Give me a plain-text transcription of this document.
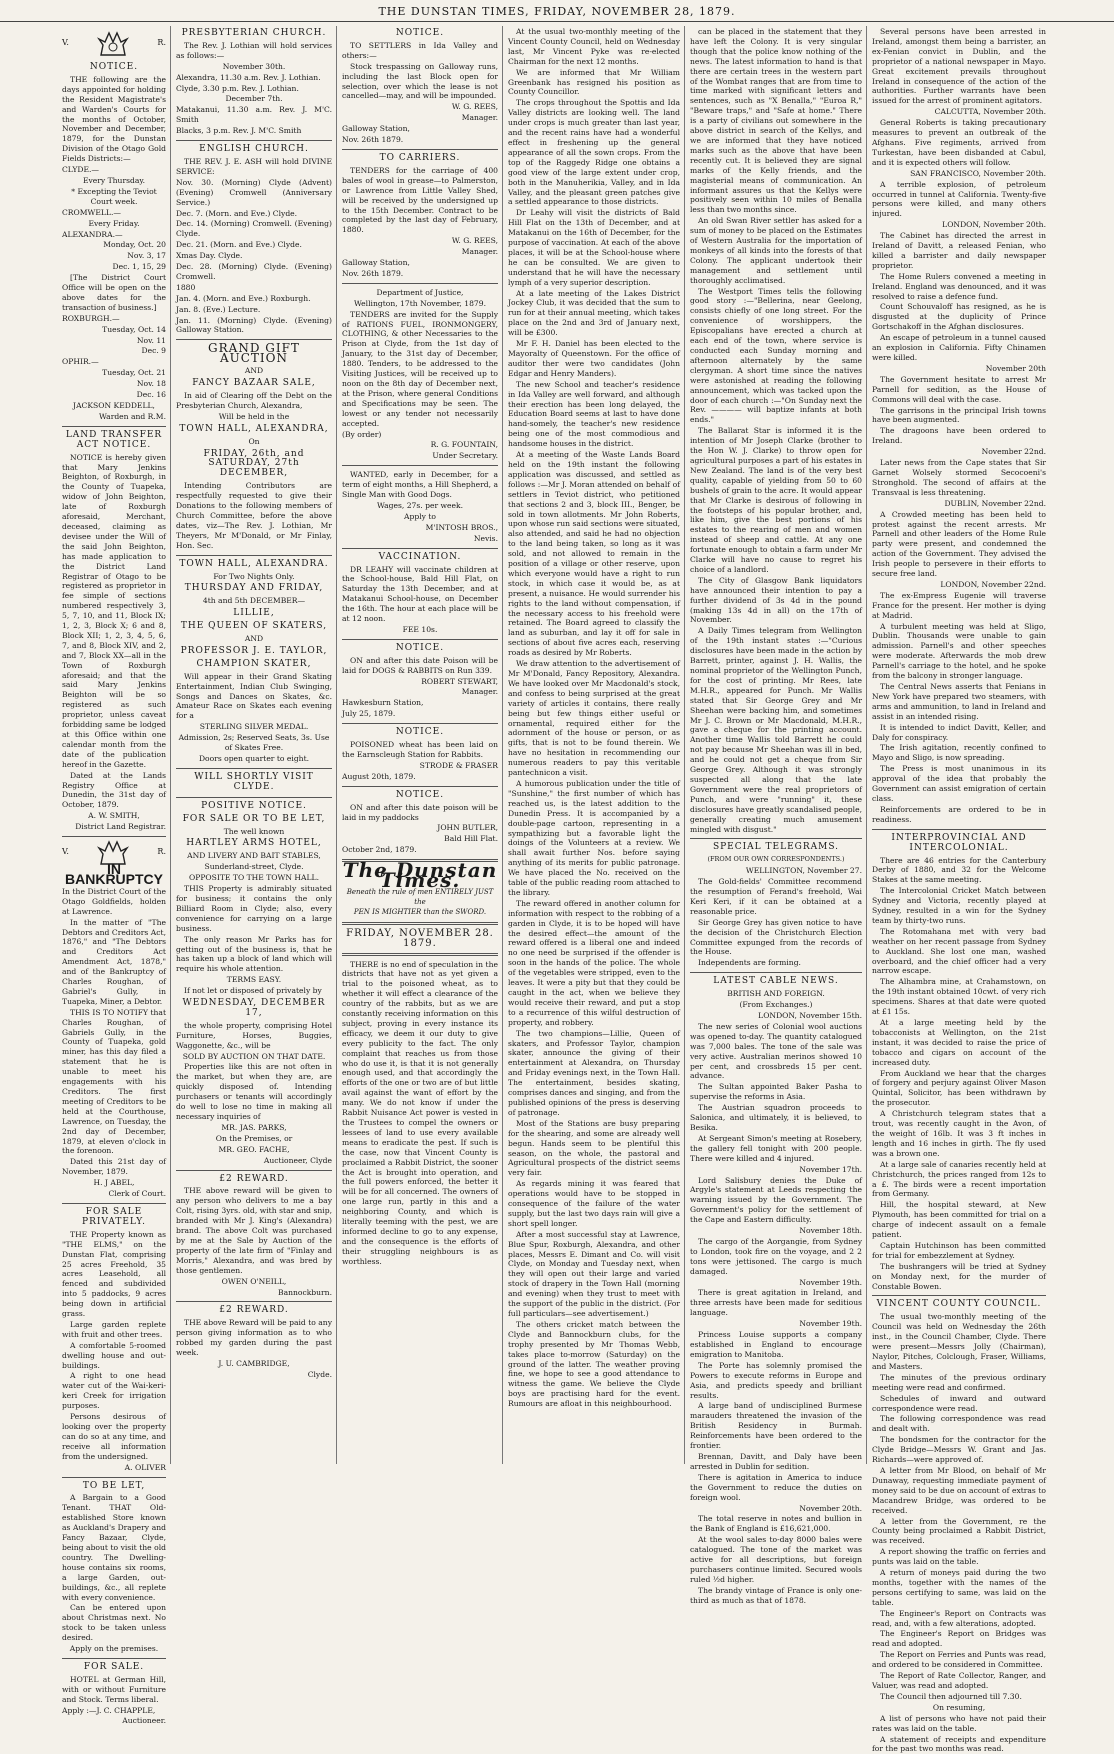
THE DUNSTAN TIMES, FRIDAY, NOVEMBER 28, 1879.
V.	R.
NOTICE.

THE following are the days appointed for holding the Resident Magistrate's and Warden's Courts for the months of October, November and December, 1879, for the Dunstan Division of the Otago Gold Fields Districts:—

CLYDE.—

Every Thursday.

* Excepting the Teviot Court week.

CROMWELL.—

Every Friday.

ALEXANDRA.—

Monday, Oct. 20

Nov. 3, 17

Dec. 1, 15, 29

[The District Court Office will be open on the above dates for the transaction of business.]

ROXBURGH.—

Tuesday, Oct. 14

Nov. 11

Dec. 9

OPHIR.—

Tuesday, Oct. 21

Nov. 18

Dec. 16

JACKSON KEDDELL,

Warden and R.M.

LAND TRANSFER ACT NOTICE.

NOTICE is hereby given that Mary Jenkins Beighton, of Roxburgh, in the County of Tuapeka, widow of John Beighton, late of Roxburgh aforesaid, Merchant, deceased, claiming as devisee under the Will of the said John Beighton, has made application to the District Land Registrar of Otago to be registered as proprietor in fee simple of sections numbered respectively 3, 5, 7, 10, and 11, Block IX; 1, 2, 3, Block X; 6 and 8, Block XII; 1, 2, 3, 4, 5, 6, 7, and 8, Block XIV, and 2, and 7, Block XX—all in the Town of Roxburgh aforesaid; and that the said Mary Jenkins Beighton will be so registered as such proprietor, unless caveat forbidding same be lodged at this Office within one calendar month from the date of the publication hereof in the Gazette.

Dated at the Lands Registry Office at Dunedin, the 31st day of October, 1879.

A. W. SMITH,

District Land Registrar.

V.	R.
IN BANKRUPTCY

In the District Court of the Otago Goldfields, holden at Lawrence.

In the matter of "The Debtors and Creditors Act, 1876," and "The Debtors and Creditors Act Amendment Act, 1878," and of the Bankruptcy of Charles Roughan, of Gabriel's Gully, in Tuapeka, Miner, a Debtor.

THIS IS TO NOTIFY that Charles Roughan, of Gabriels Gully, in the County of Tuapeka, gold miner, has this day filed a statement that he is unable to meet his engagements with his Creditors. The first meeting of Creditors to be held at the Courthouse, Lawrence, on Tuesday, the 2nd day of December, 1879, at eleven o'clock in the forenoon.

Dated this 21st day of November, 1879.

H. J ABEL,

Clerk of Court.

FOR SALE PRIVATELY.

THE Property known as "THE ELMS," on the Dunstan Flat, comprising 25 acres Freehold, 35 acres Leasehold, all fenced and subdivided into 5 paddocks, 9 acres being down in artificial grass.

Large garden replete with fruit and other trees.

A comfortable 5-roomed dwelling house and out-buildings.

A right to one head water cut of the Wai-keri-keri Creek for irrigation purposes.

Persons desirous of looking over the property can do so at any time, and receive all information from the undersigned.

A. OLIVER

TO BE LET,

A Bargain to a Good Tenant. THAT Old-established Store known as Auckland's Drapery and Fancy Bazaar, Clyde, being about to visit the old country. The Dwelling-house contains six rooms, a large Garden, out-buildings, &c., all replete with every convenience.

Can be entered upon about Christmas next. No stock to be taken unless desired.

Apply on the premises.

FOR SALE.

HOTEL at German Hill, with or without Furniture and Stock. Terms liberal.

Apply :—J. C. CHAPPLE,

Auctioneer.

PRESBYTERIAN CHURCH.

The Rev. J. Lothian will hold services as follows:—

November 30th.

Alexandra, 11.30 a.m. Rev. J. Lothian.

Clyde, 3.30 p.m. Rev. J. Lothian.

December 7th.

Matakanui, 11.30 a.m. Rev. J. M'C. Smith

Blacks, 3 p.m. Rev. J. M'C. Smith

ENGLISH CHURCH.

THE REV. J. E. ASH will hold DIVINE SERVICE:

Nov. 30. (Morning) Clyde (Advent) (Evening) Cromwell (Anniversary Service.)

Dec. 7. (Morn. and Eve.) Clyde.

Dec. 14. (Morning) Cromwell. (Evening) Clyde.

Dec. 21. (Morn. and Eve.) Clyde.

Xmas Day. Clyde.

Dec. 28. (Morning) Clyde. (Evening) Cromwell.

1880

Jan. 4. (Morn. and Eve.) Roxburgh.

Jan. 8. (Eve.) Lecture.

Jan. 11. (Morning) Clyde. (Evening) Galloway Station.

GRAND GIFT AUCTION

AND

FANCY BAZAAR SALE,

In aid of Clearing off the Debt on the Presbyterian Church, Alexandra,

Will be held in the

TOWN HALL, ALEXANDRA,

On

FRIDAY, 26th, and SATURDAY, 27th DECEMBER,

Intending Contributors are respectfully requested to give their Donations to the following members of Church Committee, before the above dates, viz—The Rev. J. Lothian, Mr Theyers, Mr M'Donald, or Mr Finlay, Hon. Sec.

TOWN HALL, ALEXANDRA.

For Two Nights Only.

THURSDAY AND FRIDAY,

4th and 5th DECEMBER—

LILLIE,
THE QUEEN OF SKATERS,

AND

PROFESSOR J. E. TAYLOR,
CHAMPION SKATER,

Will appear in their Grand Skating Entertainment, Indian Club Swinging, Songs and Dances on Skates, &c. Amateur Race on Skates each evening for a

STERLING SILVER MEDAL.

Admission, 2s; Reserved Seats, 3s. Use of Skates Free.

Doors open quarter to eight.

WILL SHORTLY VISIT CLYDE.
POSITIVE NOTICE.
FOR SALE OR TO BE LET,

The well known

HARTLEY ARMS HOTEL,

AND LIVERY AND BAIT STABLES,

Sunderland-street, Clyde.

OPPOSITE TO THE TOWN HALL.

THIS Property is admirably situated for business; it contains the only Billiard Room in Clyde; also, every convenience for carrying on a large business.

The only reason Mr Parks has for getting out of the business is, that he has taken up a block of land which will require his whole attention.

TERMS EASY.

If not let or disposed of privately by

WEDNESDAY, DECEMBER 17,

the whole property, comprising Hotel Furniture, Horses, Buggies, Waggonette, &c., will be

SOLD BY AUCTION ON THAT DATE.

Properties like this are not often in the market, but when they are, are quickly disposed of. Intending purchasers or tenants will accordingly do well to lose no time in making all necessary inquiries of

MR. JAS. PARKS,

On the Premises, or

MR. GEO. FACHE,

Auctioneer, Clyde

£2 REWARD.

THE above reward will be given to any person who delivers to me a bay Colt, rising 3yrs. old, with star and snip, branded with Mr J. King's (Alexandra) brand. The above Colt was purchased by me at the Sale by Auction of the property of the late firm of "Finlay and Morris," Alexandra, and was bred by those gentlemen.

OWEN O'NEILL,

Bannockburn.

£2 REWARD.

THE above Reward will be paid to any person giving information as to who robbed my garden during the past week.

J. U. CAMBRIDGE,

Clyde.

NOTICE.

TO SETTLERS in Ida Valley and others:—

Stock trespassing on Galloway runs, including the last Block open for selection, over which the lease is not cancelled—may, and will be impounded.

W. G. REES,

Manager.

Galloway Station,

Nov. 26th 1879.

TO CARRIERS.

TENDERS for the carriage of 400 bales of wool in grease—to Palmerston, or Lawrence from Little Valley Shed, will be received by the undersigned up to the 15th December. Contract to be completed by the last day of February, 1880.

W. G. REES,

Manager.

Galloway Station,

Nov. 26th 1879.

Department of Justice,

Wellington, 17th November, 1879.

TENDERS are invited for the Supply of RATIONS FUEL, IRONMONGERY, CLOTHING, & other Necessaries to the Prison at Clyde, from the 1st day of January, to the 31st day of December, 1880. Tenders, to be addressed to the Visiting Justices, will be received up to noon on the 8th day of December next, at the Prison, where general Conditions and Specifications may be seen. The lowest or any tender not necessarily accepted.

(By order)

R. G. FOUNTAIN,

Under Secretary.

WANTED, early in December, for a term of eight months, a Hill Shepherd, a Single Man with Good Dogs.

Wages, 27s. per week.

Apply to

M'INTOSH BROS.,

Nevis.

VACCINATION.

DR LEAHY will vaccinate children at the School-house, Bald Hill Flat, on Saturday the 13th December, and at Matakanui School-house, on December the 16th. The hour at each place will be at 12 noon.

FEE 10s.

NOTICE.

ON and after this date Poison will be laid for DOGS & RABBITS on Run 339.

ROBERT STEWART,

Manager.

Hawkesburn Station,

July 25, 1879.

NOTICE.

POISONED wheat has been laid on the Earnscleugh Station for Rabbits.

STRODE & FRASER

August 20th, 1879.

NOTICE.

ON and after this date poison will be laid in my paddocks

JOHN BUTLER,

Bald Hill Flat.

October 2nd, 1879.

The Dunstan Times.
Beneath the rule of men ENTIRELY JUST the
PEN IS MIGHTIER than the SWORD.
FRIDAY, NOVEMBER 28. 1879.

THERE is no end of speculation in the districts that have not as yet given a trial to the poisoned wheat, as to whether it will effect a clearance of the country of the rabbits, but as we are constantly receiving information on this subject, proving in every instance its efficacy, we deem it our duty to give every publicity to the fact. The only complaint that reaches us from those who do use it, is that it is not generally enough used, and that accordingly the efforts of the one or two are of but little avail against the want of effort by the many. We do not know if under the Rabbit Nuisance Act power is vested in the Trustees to compel the owners or lessees of land to use every available means to eradicate the pest. If such is the case, now that Vincent County is proclaimed a Rabbit District, the sooner the Act is brought into operation, and the full powers enforced, the better it will be for all concerned. The owners of one large run, partly in this and a neighboring County, and which is literally teeming with the pest, we are informed decline to go to any expense, and the consequence is the efforts of their struggling neighbours is as worthless.

At the usual two-monthly meeting of the Vincent County Council, held on Wednesday last, Mr Vincent Pyke was re-elected Chairman for the next 12 months.

We are informed that Mr William Greenbank has resigned his position as County Councillor.

The crops throughout the Spottis and Ida Valley districts are looking well. The land under crops is much greater than last year, and the recent rains have had a wonderful effect in freshening up the general appearance of all the sown crops. From the top of the Raggedy Ridge one obtains a good view of the large extent under crop, both in the Manuherikia, Valley, and in Ida Valley, and the pleasant green patches give a settled appearance to those districts.

Dr Leahy will visit the districts of Bald Hill Flat on the 13th of December, and at Matakanui on the 16th of December, for the purpose of vaccination. At each of the above places, it will be at the School-house where he can be consulted. We are given to understand that he will have the necessary lymph of a very superior description.

At a late meeting of the Lakes District Jockey Club, it was decided that the sum to run for at their annual meeting, which takes place on the 2nd and 3rd of January next, will be £300.

Mr F. H. Daniel has been elected to the Mayoralty of Queenstown. For the office of auditor ther were two candidates (John Edgar and Henry Manders).

The new School and teacher's residence in Ida Valley are well forward, and although their erection has been long delayed, the Education Board seems at last to have done hand-somely, the teacher's new residence being one of the most commodious and handsome houses in the district.

At a meeting of the Waste Lands Board held on the 19th instant the following application was discussed, and settled as follows :—Mr J. Moran attended on behalf of settlers in Teviot district, who petitioned that sections 2 and 3, block III., Benger, be sold in town allotments. Mr John Roberts, upon whose run said sections were situated, also attended, and said he had no objection to the land being taken, so long as it was sold, and not allowed to remain in the position of a village or other reserve, upon which everyone would have a right to run stock, in which case it would be, as at present, a nuisance. He would surrender his rights to the land without compensation, if the necessary access to his freehold were retained. The Board agreed to classify the land as suburban, and lay it off for sale in sections of about five acres each, reserving roads as desired by Mr Roberts.

We draw attention to the advertisement of Mr M'Donald, Fancy Repository, Alexandra. We have looked over Mr Macdonald's stock, and confess to being surprised at the great variety of articles it contains, there really being but few things either useful or ornamental, required either for the adornment of the house or person, or as gifts, that is not to be found therein. We have no hesitation in recommending our numerous readers to pay this veritable pantechnicon a visit.

A humorous publication under the title of "Sunshine," the first number of which has reached us, is the latest addition to the Dunedin Press. It is accompanied by a double-page cartoon, representing in a sympathizing but a favorable light the doings of the Volunteers at a review. We shall await further Nos. before saying anything of its merits for public patronage. We have placed the No. received on the table of the public reading room attached to the library.

The reward offered in another column for information with respect to the robbing of a garden in Clyde, it is to be hoped will have the desired effect—the amount of the reward offered is a liberal one and indeed no one need be surprised if the offender is soon in the hands of the police. The whole of the vegetables were stripped, even to the leaves. It were a pity but that they could be caught in the act, when we believe they would receive their reward, and put a stop to a recurrence of this wilful destruction of property, and robbery.

The two champions—Lillie, Queen of skaters, and Professor Taylor, champion skater, announce the giving of their entertainment at Alexandra, on Thursday and Friday evenings next, in the Town Hall. The entertainment, besides skating, comprises dances and singing, and from the published opinions of the press is deserving of patronage.

Most of the Stations are busy preparing for the shearing, and some are already well begun. Hands seem to be plentiful this season, on the whole, the pastoral and Agricultural prospects of the district seems very fair.

As regards mining it was feared that operations would have to be stopped in consequence of the failure of the water supply, but the last two days rain will give a short spell longer.

After a most successful stay at Lawrence, Blue Spur, Roxburgh, Alexandra, and other places, Messrs E. Dimant and Co. will visit Clyde, on Monday and Tuesday next, when they will open out their large and varied stock of drapery in the Town Hall (morning and evening) when they trust to meet with the support of the public in the district. (For full particulars—see advertisement.)

The others cricket match between the Clyde and Bannockburn clubs, for the trophy presented by Mr Thomas Webb, takes place to-morrow (Saturday) on the ground of the latter. The weather proving fine, we hope to see a good attendance to witness the game. We believe the Clyde boys are practising hard for the event. Rumours are afloat in this neighbourhood.

can be placed in the statement that they have left the Colony. It is very singular though that the police know nothing of the news. The latest information to hand is that there are certain trees in the western part of the Wombat ranges that are from time to time marked with significant letters and sentences, such as "X Benalla," "Euroa R," "Beware traps," and "Safe at home." There is a party of civilians out somewhere in the above district in search of the Kellys, and we are informed that they have noticed marks such as the above that have been recently cut. It is believed they are signal marks of the Kelly friends, and the magisterial means of communication. An informant assures us that the Kellys were positively seen within 10 miles of Benalla less than two months since.

An old Swan River settler has asked for a sum of money to be placed on the Estimates of Western Australia for the importation of monkeys of all kinds into the forests of that Colony. The applicant undertook their management and settlement until thoroughly acclimatised.

The Westport Times tells the following good story :—"Bellerina, near Geelong, consists chiefly of one long street. For the convenience of worshippers, the Episcopalians have erected a church at each end of the town, where service is conducted each Sunday morning and afternoon alternately by the same clergyman. A short time since the natives were astonished at reading the following announcement, which was tacked upon the door of each church :—"On Sunday next the Rev. ———— will baptize infants at both ends."

The Ballarat Star is informed it is the intention of Mr Joseph Clarke (brother to the Hon W. J. Clarke) to throw open for agricultural purposes a part of his estates in New Zealand. The land is of the very best quality, capable of yielding from 50 to 60 bushels of grain to the acre. It would appear that Mr Clarke is desirous of following in the footsteps of his popular brother, and, like him, give the best portions of his estates to the rearing of men and women instead of sheep and cattle. At any one fortunate enough to obtain a farm under Mr Clarke will have no cause to regret his choice of a landlord.

The City of Glasgow Bank liquidators have announced their intention to pay a further dividend of 3s 4d in the pound (making 13s 4d in all) on the 17th of November.

A Daily Times telegram from Wellington of the 19th instant states :—"Curious disclosures have been made in the action by Barrett, printer, against J. H. Wallis, the nominal proprietor of the Wellington Punch, for the cost of printing. Mr Rees, late M.H.R., appeared for Punch. Mr Wallis stated that Sir George Grey and Mr Sheehan were backing him, and sometimes Mr J. C. Brown or Mr Macdonald, M.H.R., gave a cheque for the printing account. Another time Wallis told Barrett he could not pay because Mr Sheehan was ill in bed, and he could not get a cheque from Sir George Grey. Although it was strongly suspected all along that the late Government were the real proprietors of Punch, and were "running" it, these disclosures have greatly scandalised people, generally creating much amusement mingled with disgust."

SPECIAL TELEGRAMS.

(FROM OUR OWN CORRESPONDENTS.)

WELLINGTON, November 27.

The Gold-fields' Committee recommend the resumption of Ferand's freehold, Wai Keri Keri, if it can be obtained at a reasonable price.

Sir George Grey has given notice to have the decision of the Christchurch Election Committee expunged from the records of the House.

Independents are forming.

LATEST CABLE NEWS.

BRITISH AND FOREIGN.

(From Exchanges.)

LONDON, November 15th.

The new series of Colonial wool auctions was opened to-day. The quantity catalogued was 7,000 bales. The tone of the sale was very active. Australian merinos showed 10 per cent, and crossbreds 15 per cent. advance.

The Sultan appointed Baker Pasha to supervise the reforms in Asia.

The Austrian squadron proceeds to Salonica, and ultimately, it is believed, to Besika.

At Sergeant Simon's meeting at Rosebery, the gallery fell tonight with 200 people. There were killed and 4 injured.

November 17th.

Lord Salisbury denies the Duke of Argyle's statement at Leeds respecting the warning issued by the Government. The Government's policy for the settlement of the Cape and Eastern difficulty.

November 18th.

The cargo of the Aorgangie, from Sydney to London, took fire on the voyage, and 2 2 tons were jettisoned. The cargo is much damaged.

November 19th.

There is great agitation in Ireland, and three arrests have been made for seditious language.

November 19th.

Princess Louise supports a company established in England to encourage emigration to Manitoba.

The Porte has solemnly promised the Powers to execute reforms in Europe and Asia, and predicts speedy and brilliant results.

A large band of undisciplined Burmese marauders threatened the invasion of the British Residency in Burmah. Reinforcements have been ordered to the frontier.

Brennan, Davitt, and Daly have been arrested in Dublin for sedition.

There is agitation in America to induce the Government to reduce the duties on foreign wool.

November 20th.

The total reserve in notes and bullion in the Bank of England is £16,621,000.

At the wool sales to-day 8000 bales were catalogued. The tone of the market was active for all descriptions, but foreign purchasers continue limited. Secured wools ruled ½d higher.

The brandy vintage of France is only one-third as much as that of 1878.

Several persons have been arrested in Ireland, amongst them being a barrister, an ex-Fenian convict in Dublin, and the proprietor of a national newspaper in Mayo. Great excitement prevails throughout Ireland in consequence of the action of the authorities. Further warrants have been issued for the arrest of prominent agitators.

CALCUTTA, November 20th.

General Roberts is taking precautionary measures to prevent an outbreak of the Afghans. Five regiments, arrived from Turkestan, have been disbanded at Cabul, and it is expected others will follow.

SAN FRANCISCO, November 20th.

A terrible explosion, of petroleum occurred in tunnel at California. Twenty-five persons were killed, and many others injured.

LONDON, November 20th.

The Cabinet has directed the arrest in Ireland of Davitt, a released Fenian, who killed a barrister and daily newspaper proprietor.

The Home Rulers convened a meeting in Ireland. England was denounced, and it was resolved to raise a defence fund.

Count Schouvaloff has resigned, as he is disgusted at the duplicity of Prince Gortschakoff in the Afghan disclosures.

An escape of petroleum in a tunnel caused an explosion in California. Fifty Chinamen were killed.

November 20th

The Government hesitate to arrest Mr Parnell for sedition, as the House of Commons will deal with the case.

The garrisons in the principal Irish towns have been augmented.

The dragoons have been ordered to Ireland.

November 22nd.

Later news from the Cape states that Sir Garnet Wolsely stormed Secocoeni's Stronghold. The second of affairs at the Transvaal is less threatening.

DUBLIN, November 22nd.

A Crowded meeting has been held to protest against the recent arrests. Mr Parnell and other leaders of the Home Rule party were present, and condemned the action of the Government. They advised the Irish people to persevere in their efforts to secure free land.

LONDON, November 22nd.

The ex-Empress Eugenie will traverse France for the present. Her mother is dying at Madrid.

A turbulent meeting was held at Sligo, Dublin. Thousands were unable to gain admission. Parnell's and other speeches were moderate. Afterwards the mob drew Parnell's carriage to the hotel, and he spoke from the balcony in stronger language.

The Central News asserts that Fenians in New York have prepared two steamers, with arms and ammunition, to land in Ireland and assist in an intended rising.

It is intended to indict Davitt, Keller, and Daly for conspiracy.

The Irish agitation, recently confined to Mayo and Sligo, is now spreading.

The Press is most unanimous in its approval of the idea that probably the Government can assist emigration of certain class.

Reinforcements are ordered to be in readiness.

INTERPROVINCIAL AND INTERCOLONIAL.

There are 46 entries for the Canterbury Derby of 1880, and 32 for the Welcome Stakes at the same meeting.

The Intercolonial Cricket Match between Sydney and Victoria, recently played at Sydney, resulted in a win for the Sydney team by thirty-two runs.

The Rotomahana met with very bad weather on her recent passage from Sydney to Auckland. She lost one man, washed overboard, and the chief officer had a very narrow escape.

The Alhambra mine, at Crahamstown, on the 19th instant obtained 10cwt. of very rich specimens. Shares at that date were quoted at £1 15s.

At a large meeting held by the tobacconists at Wellington, on the 21st instant, it was decided to raise the price of tobacco and cigars on account of the increased duty.

From Auckland we hear that the charges of forgery and perjury against Oliver Mason Quintal, Solicitor, has been withdrawn by the prosecutor.

A Christchurch telegram states that a trout, was recently caught in the Avon, of the weight of 16lb. It was 3 ft inches in length and 16 inches in girth. The fly used was a brown one.

At a large sale of canaries recently held at Christchurch, the prices ranged from 12s to a £. The birds were a recent importation from Germany.

Hill, the hospital steward, at New Plymouth, has been committed for trial on a charge of indecent assault on a female patient.

Captain Hutchinson has been committed for trial for embezzlement at Sydney.

The bushrangers will be tried at Sydney on Monday next, for the murder of Constable Bowen.

VINCENT COUNTY COUNCIL.

The usual two-monthly meeting of the Council was held on Wednesday the 26th inst., in the Council Chamber, Clyde. There were present—Messrs Jolly (Chairman), Naylor, Pitches, Colclough, Fraser, Williams, and Masters.

The minutes of the previous ordinary meeting were read and confirmed.

Schedules of inward and outward correspondence were read.

The following correspondence was read and dealt with.

The bondsmen for the contractor for the Clyde Bridge—Messrs W. Grant and Jas. Richards—were approved of.

A letter from Mr Blood, on behalf of Mr Dunaway, requesting immediate payment of money said to be due on account of extras to Macandrew Bridge, was ordered to be received.

A letter from the Government, re the County being proclaimed a Rabbit District, was received.

A report showing the traffic on ferries and punts was laid on the table.

A return of moneys paid during the two months, together with the names of the persons certifying to same, was laid on the table.

The Engineer's Report on Contracts was read, and, with a few alterations, adopted.

The Engineer's Report on Bridges was read and adopted.

The Report on Ferries and Punts was read, and ordered to be considered in Committee.

The Report of Rate Collector, Ranger, and Valuer, was read and adopted.

The Council then adjourned till 7.30.

On resuming,

A list of persons who have not paid their rates was laid on the table.

A statement of receipts and expenditure for the past two months was read.
